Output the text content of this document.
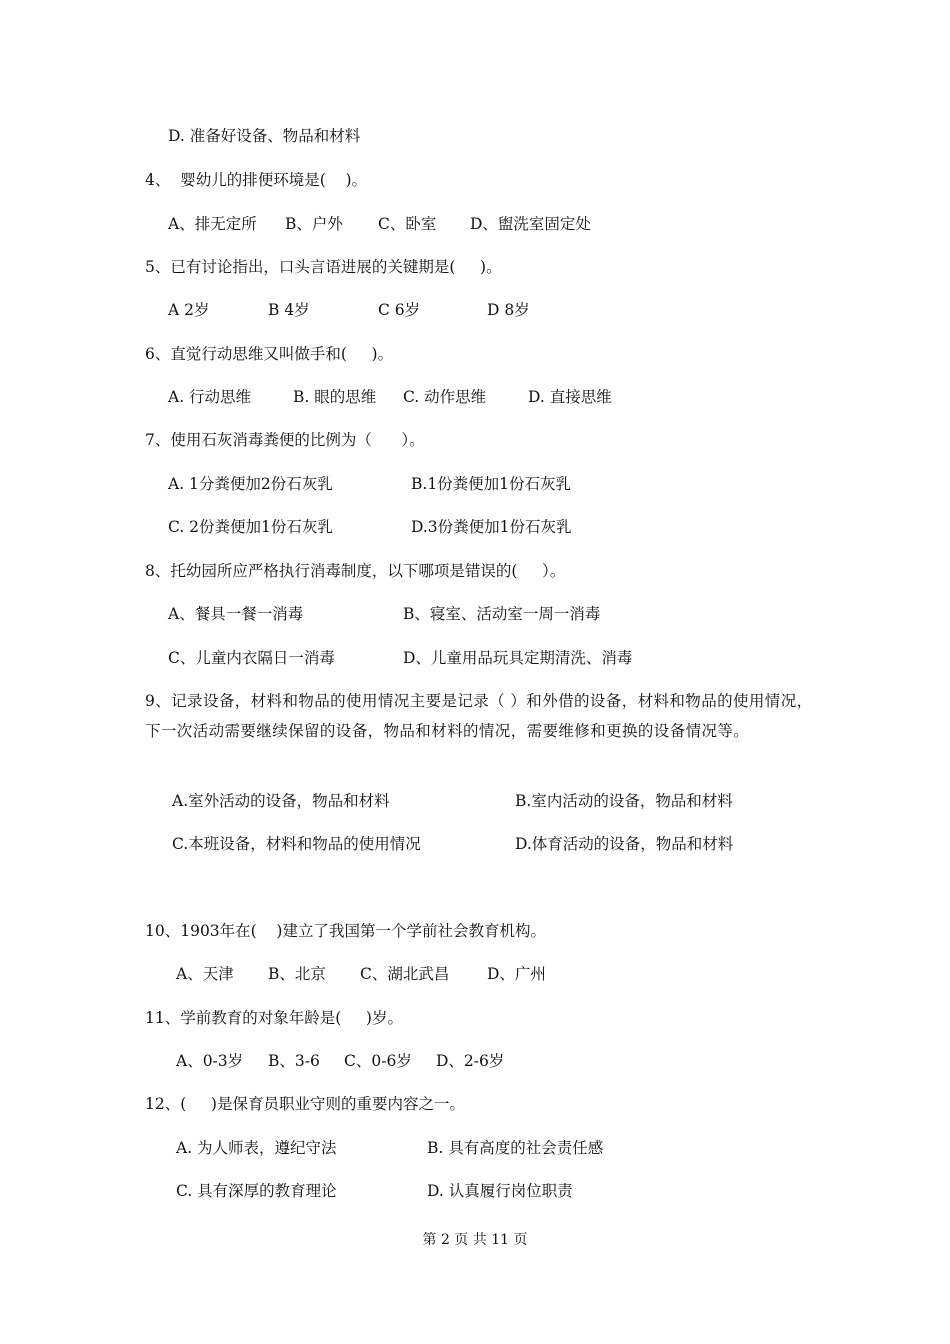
D. 准备好设备、物品和材料
4、  婴幼儿的排便环境是(    )。
A、排无定所 B、户外 C、卧室 D、盥洗室固定处
5、已有讨论指出，口头言语进展的关键期是(     )。
A 2岁	B 4岁	C 6岁	D 8岁
6、直觉行动思维又叫做手和(     )。
A. 行动思维	B. 眼的思维 C. 动作思维	D. 直接思维
7、使用石灰消毒粪便的比例为（      ）。
A. 1分粪便加2份石灰乳	B.1份粪便加1份石灰乳
C. 2份粪便加1份石灰乳	D.3份粪便加1份石灰乳
8、托幼园所应严格执行消毒制度，以下哪项是错误的(     ）。
A、餐具一餐一消毒	B、寝室、活动室一周一消毒
C、儿童内衣隔日一消毒	D、儿童用品玩具定期清洗、消毒
9、记录设备，材料和物品的使用情况主要是记录（ ）和外借的设备，材料和物品的使用情况，下一次活动需要继续保留的设备，物品和材料的情况，需要维修和更换的设备情况等。
A.室外活动的设备，物品和材料	B.室内活动的设备，物品和材料
C.本班设备，材料和物品的使用情况	D.体育活动的设备，物品和材料
10、1903年在(    )建立了我国第一个学前社会教育机构。
A、天津 B、北京 C、湖北武昌 D、广州
11、学前教育的对象年龄是(     )岁。
A、0-3岁 B、3-6 C、0-6岁 D、2-6岁
12、(     )是保育员职业守则的重要内容之一。
A. 为人师表，遵纪守法	B. 具有高度的社会责任感
C. 具有深厚的教育理论	D. 认真履行岗位职责
第 2 页 共 11 页
